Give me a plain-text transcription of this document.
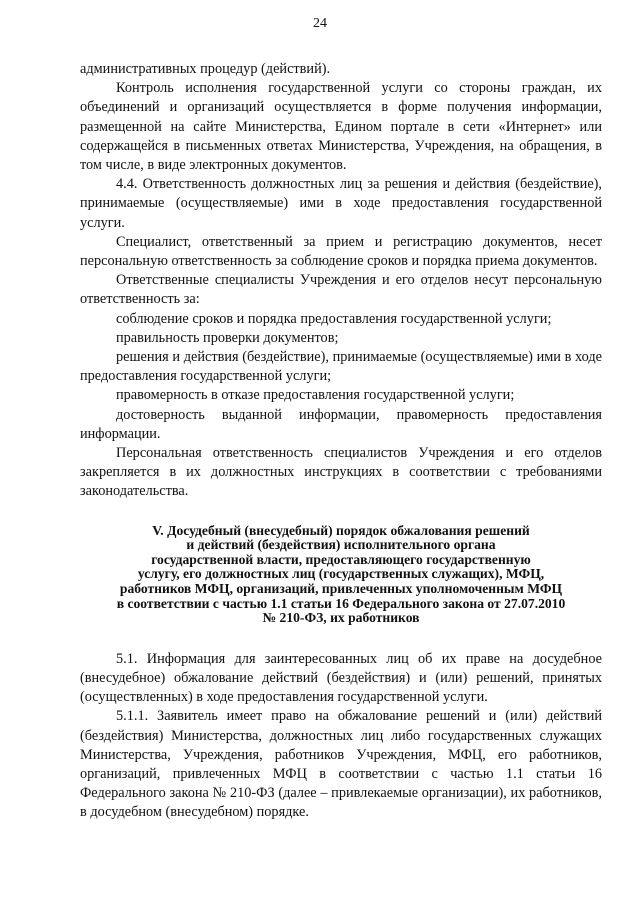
24

административных процедур (действий).

Контроль исполнения государственной услуги со стороны граждан, их объединений и организаций осуществляется в форме получения информации, размещенной на сайте Министерства, Едином портале в сети «Интернет» или содержащейся в письменных ответах Министерства, Учреждения, на обращения, в том числе, в виде электронных документов.

4.4. Ответственность должностных лиц за решения и действия (бездействие), принимаемые (осуществляемые) ими в ходе предоставления государственной услуги.

Специалист, ответственный за прием и регистрацию документов, несет персональную ответственность за соблюдение сроков и порядка приема документов.

Ответственные специалисты Учреждения и его отделов несут персональную ответственность за:

соблюдение сроков и порядка предоставления государственной услуги;

правильность проверки документов;

решения и действия (бездействие), принимаемые (осуществляемые) ими в ходе предоставления государственной услуги;

правомерность в отказе предоставления государственной услуги;

достоверность выданной информации, правомерность предоставления информации.

Персональная ответственность специалистов Учреждения и его отделов закрепляется в их должностных инструкциях в соответствии с требованиями законодательства.

V. Досудебный (внесудебный) порядок обжалования решений
и действий (бездействия) исполнительного органа
государственной власти, предоставляющего государственную
услугу, его должностных лиц (государственных служащих), МФЦ,
работников МФЦ, организаций, привлеченных уполномоченным МФЦ
в соответствии с частью 1.1 статьи 16 Федерального закона от 27.07.2010
№ 210-ФЗ, их работников

5.1. Информация для заинтересованных лиц об их праве на досудебное (внесудебное) обжалование действий (бездействия) и (или) решений, принятых (осуществленных) в ходе предоставления государственной услуги.

5.1.1. Заявитель имеет право на обжалование решений и (или) действий (бездействия) Министерства, должностных лиц либо государственных служащих Министерства, Учреждения, работников Учреждения, МФЦ, его работников, организаций, привлеченных МФЦ в соответствии с частью 1.1 статьи 16 Федерального закона № 210-ФЗ (далее – привлекаемые организации), их работников, в досудебном (внесудебном) порядке.
